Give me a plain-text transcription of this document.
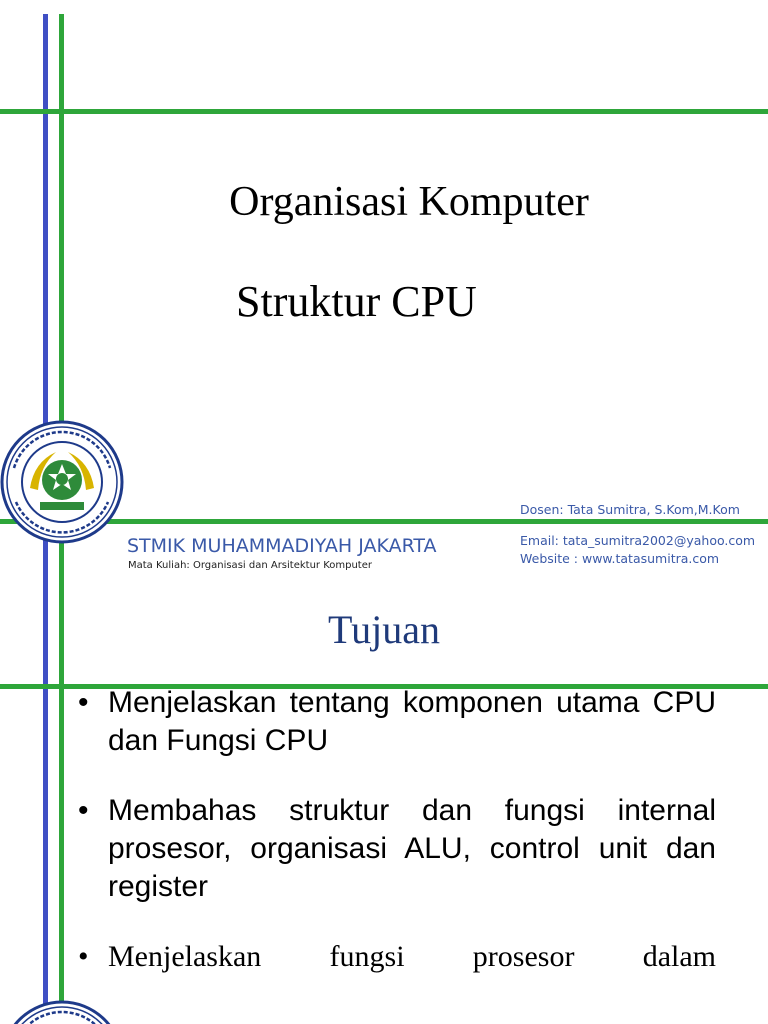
Organisasi Komputer
Struktur CPU
STMIK MUHAMMADIYAH JAKARTA
Mata Kuliah: Organisasi dan Arsitektur Komputer
Dosen: Tata Sumitra, S.Kom,M.Kom
Email: tata_sumitra2002@yahoo.com
Website : www.tatasumitra.com
Tujuan
• Menjelaskan tentang komponen utama CPU dan Fungsi CPU
• Membahas struktur dan fungsi internal prosesor, organisasi ALU, control unit dan register
• Menjelaskan fungsi prosesor dalam
